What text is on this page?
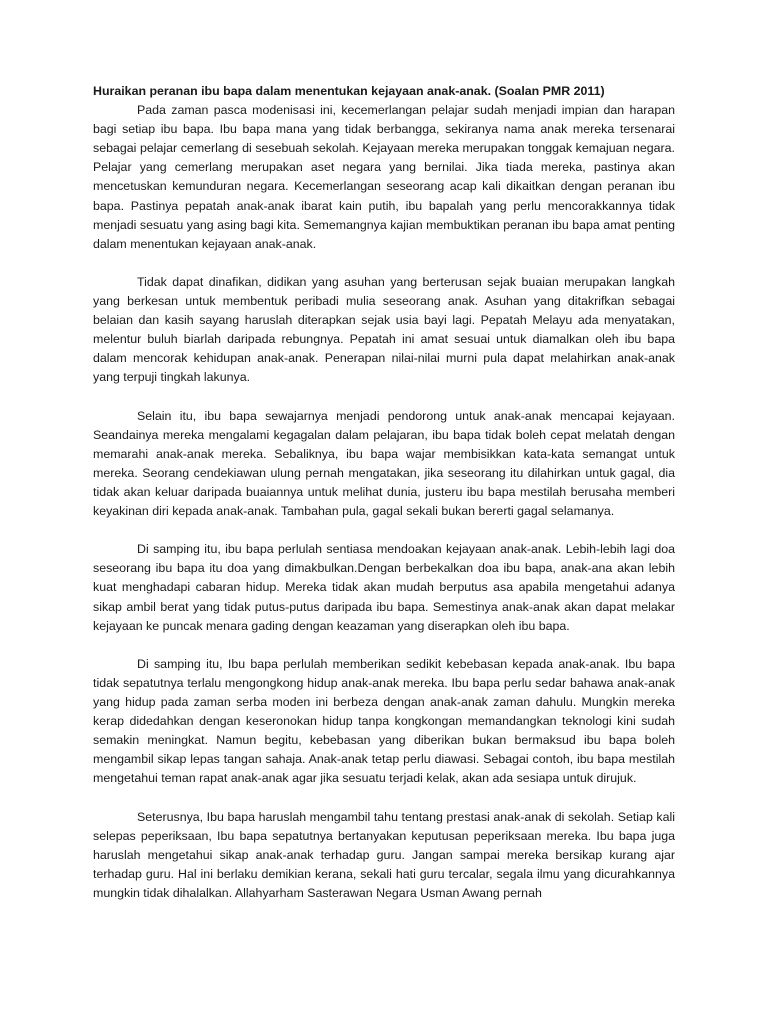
Huraikan peranan ibu bapa dalam menentukan kejayaan anak-anak. (Soalan PMR 2011)

Pada zaman pasca modenisasi ini, kecemerlangan pelajar sudah menjadi impian dan harapan bagi setiap ibu bapa. Ibu bapa mana yang tidak berbangga, sekiranya nama anak mereka tersenarai sebagai pelajar cemerlang di sesebuah sekolah. Kejayaan mereka merupakan tonggak kemajuan negara. Pelajar yang cemerlang merupakan aset negara yang bernilai. Jika tiada mereka, pastinya akan mencetuskan kemunduran negara. Kecemerlangan seseorang acap kali dikaitkan dengan peranan ibu bapa. Pastinya pepatah anak-anak ibarat kain putih, ibu bapalah yang perlu mencorakkannya tidak menjadi sesuatu yang asing bagi kita. Sememangnya kajian membuktikan peranan ibu bapa amat penting dalam menentukan kejayaan anak-anak.

Tidak dapat dinafikan, didikan yang asuhan yang berterusan sejak buaian merupakan langkah yang berkesan untuk membentuk peribadi mulia seseorang anak. Asuhan yang ditakrifkan sebagai belaian dan kasih sayang haruslah diterapkan sejak usia bayi lagi. Pepatah Melayu ada menyatakan, melentur buluh biarlah daripada rebungnya. Pepatah ini amat sesuai untuk diamalkan oleh ibu bapa dalam mencorak kehidupan anak-anak. Penerapan nilai-nilai murni pula dapat melahirkan anak-anak yang terpuji tingkah lakunya.

Selain itu, ibu bapa sewajarnya menjadi pendorong untuk anak-anak mencapai kejayaan. Seandainya mereka mengalami kegagalan dalam pelajaran, ibu bapa tidak boleh cepat melatah dengan memarahi anak-anak mereka. Sebaliknya, ibu bapa wajar membisikkan kata-kata semangat untuk mereka. Seorang cendekiawan ulung pernah mengatakan, jika seseorang itu dilahirkan untuk gagal, dia tidak akan keluar daripada buaiannya untuk melihat dunia, justeru ibu bapa mestilah berusaha memberi keyakinan diri kepada anak-anak. Tambahan pula, gagal sekali bukan bererti gagal selamanya.

Di samping itu, ibu bapa perlulah sentiasa mendoakan kejayaan anak-anak. Lebih-lebih lagi doa seseorang ibu bapa itu doa yang dimakbulkan.Dengan berbekalkan doa ibu bapa, anak-ana akan lebih kuat menghadapi cabaran hidup. Mereka tidak akan mudah berputus asa apabila mengetahui adanya sikap ambil berat yang tidak putus-putus daripada ibu bapa. Semestinya anak-anak akan dapat melakar kejayaan ke puncak menara gading dengan keazaman yang diserapkan oleh ibu bapa.

Di samping itu, Ibu bapa perlulah memberikan sedikit kebebasan kepada anak-anak. Ibu bapa tidak sepatutnya terlalu mengongkong hidup anak-anak mereka. Ibu bapa perlu sedar bahawa anak-anak yang hidup pada zaman serba moden ini berbeza dengan anak-anak zaman dahulu. Mungkin mereka kerap didedahkan dengan keseronokan hidup tanpa kongkongan memandangkan teknologi kini sudah semakin meningkat. Namun begitu, kebebasan yang diberikan bukan bermaksud ibu bapa boleh mengambil sikap lepas tangan sahaja. Anak-anak tetap perlu diawasi. Sebagai contoh, ibu bapa mestilah mengetahui teman rapat anak-anak agar jika sesuatu terjadi kelak, akan ada sesiapa untuk dirujuk.

Seterusnya, Ibu bapa haruslah mengambil tahu tentang prestasi anak-anak di sekolah. Setiap kali selepas peperiksaan, Ibu bapa sepatutnya bertanyakan keputusan peperiksaan mereka. Ibu bapa juga haruslah mengetahui sikap anak-anak terhadap guru. Jangan sampai mereka bersikap kurang ajar terhadap guru. Hal ini berlaku demikian kerana, sekali hati guru tercalar, segala ilmu yang dicurahkannya mungkin tidak dihalalkan. Allahyarham Sasterawan Negara Usman Awang pernah
